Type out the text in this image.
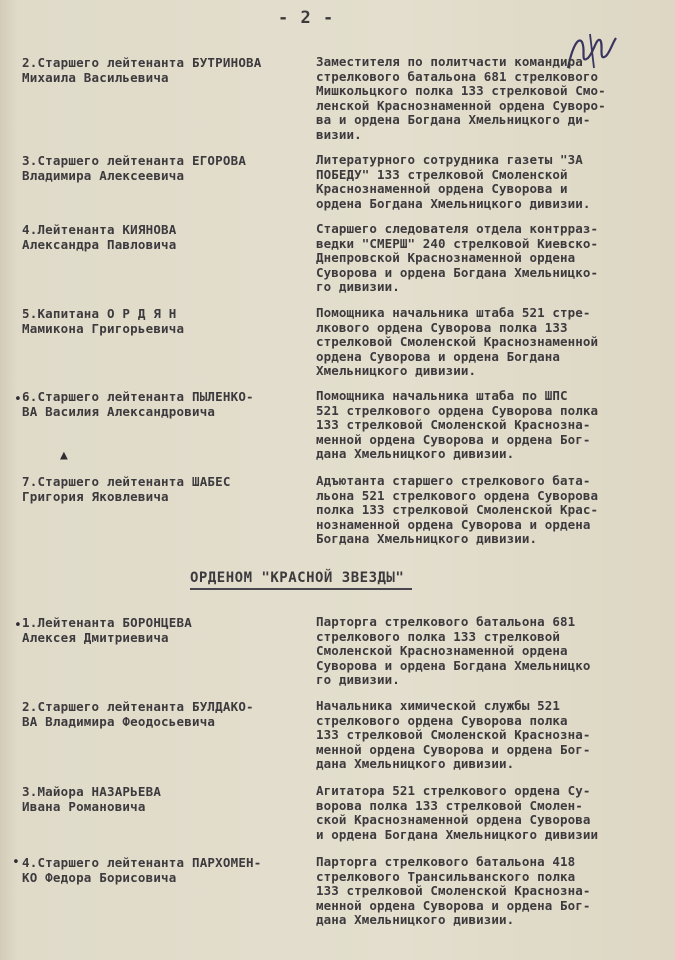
- 2 -
2.Старшего лейтенанта БУТРИНОВА
Михаила Васильевича
Заместителя по политчасти командира
стрелкового батальона 681 стрелкового
Мишкольцкого полка 133 стрелковой Смо-
ленской Краснознаменной ордена Суворо-
ва и ордена Богдана Хмельницкого ди-
визии.
3.Старшего лейтенанта ЕГОРОВА
Владимира Алексеевича
Литературного сотрудника газеты "ЗА
ПОБЕДУ" 133 стрелковой Смоленской
Краснознаменной ордена Суворова и
ордена Богдана Хмельницкого дивизии.
4.Лейтенанта КИЯНОВА
Александра Павловича
Старшего следователя отдела контрраз-
ведки "СМЕРШ" 240 стрелковой Киевско-
Днепровской Краснознаменной ордена
Суворова и ордена Богдана Хмельницко-
го дивизии.
5.Капитана О Р Д Я Н
Мамикона Григорьевича
Помощника начальника штаба 521 стре-
лкового ордена Суворова полка 133
стрелковой Смоленской Краснознаменной
ордена Суворова и ордена Богдана
Хмельницкого дивизии.
6.Старшего лейтенанта ПЫЛЕНКО-
ВА Василия Александровича
Помощника начальника штаба по ШПС
521 стрелкового ордена Суворова полка
133 стрелковой Смоленской Краснозна-
менной ордена Суворова и ордена Бог-
дана Хмельницкого дивизии.
7.Старшего лейтенанта ШАБЕС
Григория Яковлевича
Адъютанта старшего стрелкового бата-
льона 521 стрелкового ордена Суворова
полка 133 стрелковой Смоленской Крас-
нознаменной ордена Суворова и ордена
Богдана Хмельницкого дивизии.
ОРДЕНОМ "КРАСНОЙ ЗВЕЗДЫ"
1.Лейтенанта БОРОНЦЕВА
Алексея Дмитриевича
Парторга стрелкового батальона 681
стрелкового полка 133 стрелковой
Смоленской Краснознаменной ордена
Суворова и ордена Богдана Хмельницко
го дивизии.
2.Старшего лейтенанта БУЛДАКО-
ВА Владимира Феодосьевича
Начальника химической службы 521
стрелкового ордена Суворова полка
133 стрелковой Смоленской Краснозна-
менной ордена Суворова и ордена Бог-
дана Хмельницкого дивизии.
3.Майора НАЗАРЬЕВА
Ивана Романовича
Агитатора 521 стрелкового ордена Су-
ворова полка 133 стрелковой Смолен-
ской Краснознаменной ордена Суворова
и ордена Богдана Хмельницкого дивизии
4.Старшего лейтенанта ПАРХОМЕН-
КО Федора Борисовича
Парторга стрелкового батальона 418
стрелкового Трансильванского полка
133 стрелковой Смоленской Краснозна-
менной ордена Суворова и ордена Бог-
дана Хмельницкого дивизии.
•
▲
•
•
